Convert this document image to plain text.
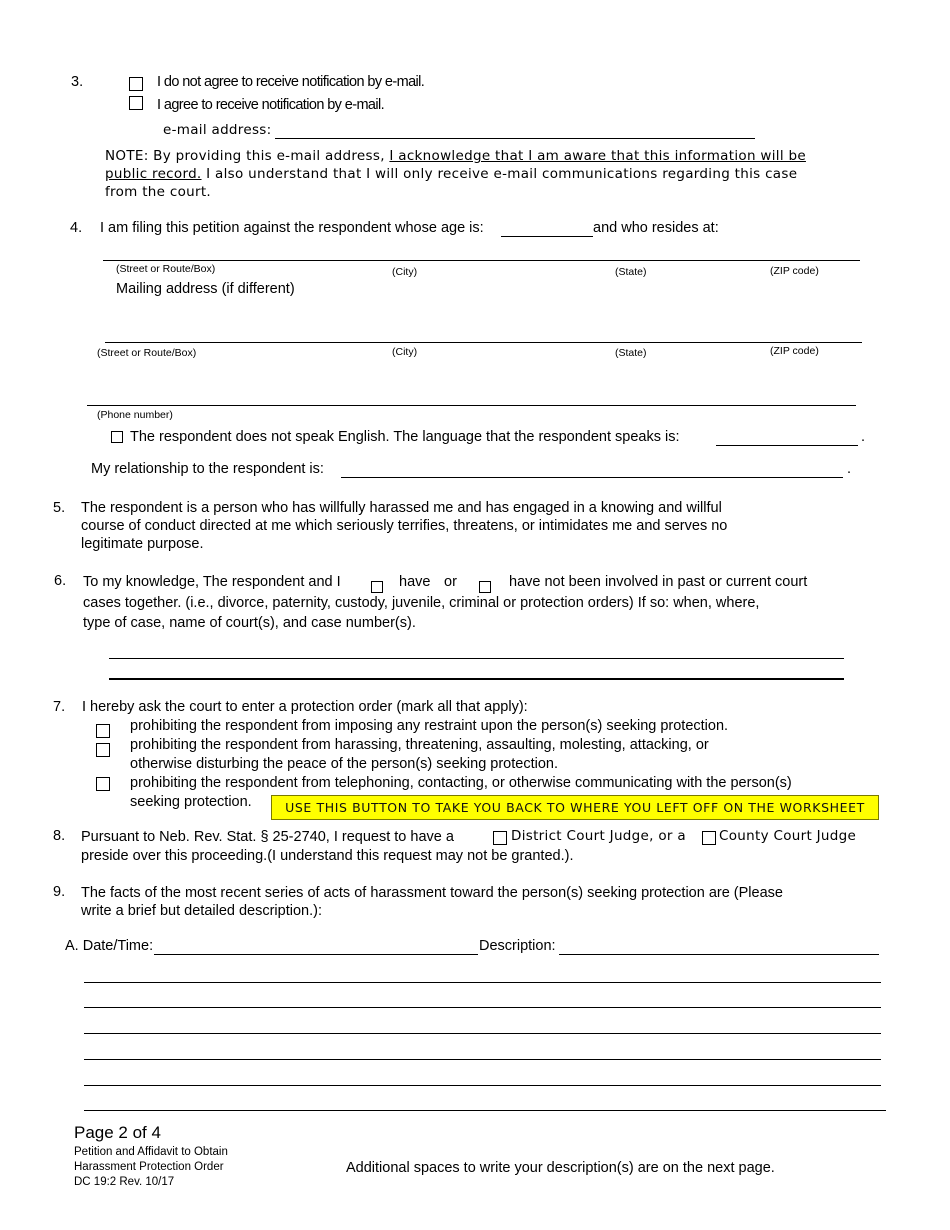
3.	I do not agree to receive notification by e-mail.
I agree to receive notification by e-mail.
e-mail address:
NOTE: By providing this e-mail address, I acknowledge that I am aware that this information will be
public record. I also understand that I will only receive e-mail communications regarding this case
from the court.
4. I am filing this petition against the respondent whose age is:	and who resides at:
(Street or Route/Box)	(City)	(State)	(ZIP code)
Mailing address (if different)
(Street or Route/Box)	(City)	(State)	(ZIP code)
(Phone number)
The respondent does not speak English. The language that the respondent speaks is:	.
My relationship to the respondent is:	.
5. The respondent is a person who has willfully harassed me and has engaged in a knowing and willful
course of conduct directed at me which seriously terrifies, threatens, or intimidates me and serves no
legitimate purpose.
6. To my knowledge, The respondent and I	have or	have not been involved in past or current court
cases together. (i.e., divorce, paternity, custody, juvenile, criminal or protection orders) If so: when, where,
type of case, name of court(s), and case number(s).
7. I hereby ask the court to enter a protection order (mark all that apply):
prohibiting the respondent from imposing any restraint upon the person(s) seeking protection.
prohibiting the respondent from harassing, threatening, assaulting, molesting, attacking, or
otherwise disturbing the peace of the person(s) seeking protection.
prohibiting the respondent from telephoning, contacting, or otherwise communicating with the person(s)
seeking protection.	USE THIS BUTTON TO TAKE YOU BACK TO WHERE YOU LEFT OFF ON THE WORKSHEET
8. Pursuant to Neb. Rev. Stat. § 25-2740, I request to have a	District Court Judge, or a County Court Judge
preside over this proceeding.(I understand this request may not be granted.).
9. The facts of the most recent series of acts of harassment toward the person(s) seeking protection are (Please
write a brief but detailed description.):
A. Date/Time:	Description:
Page 2 of 4
Petition and Affidavit to Obtain
Harassment Protection Order
DC 19:2 Rev. 10/17
Additional spaces to write your description(s) are on the next page.
